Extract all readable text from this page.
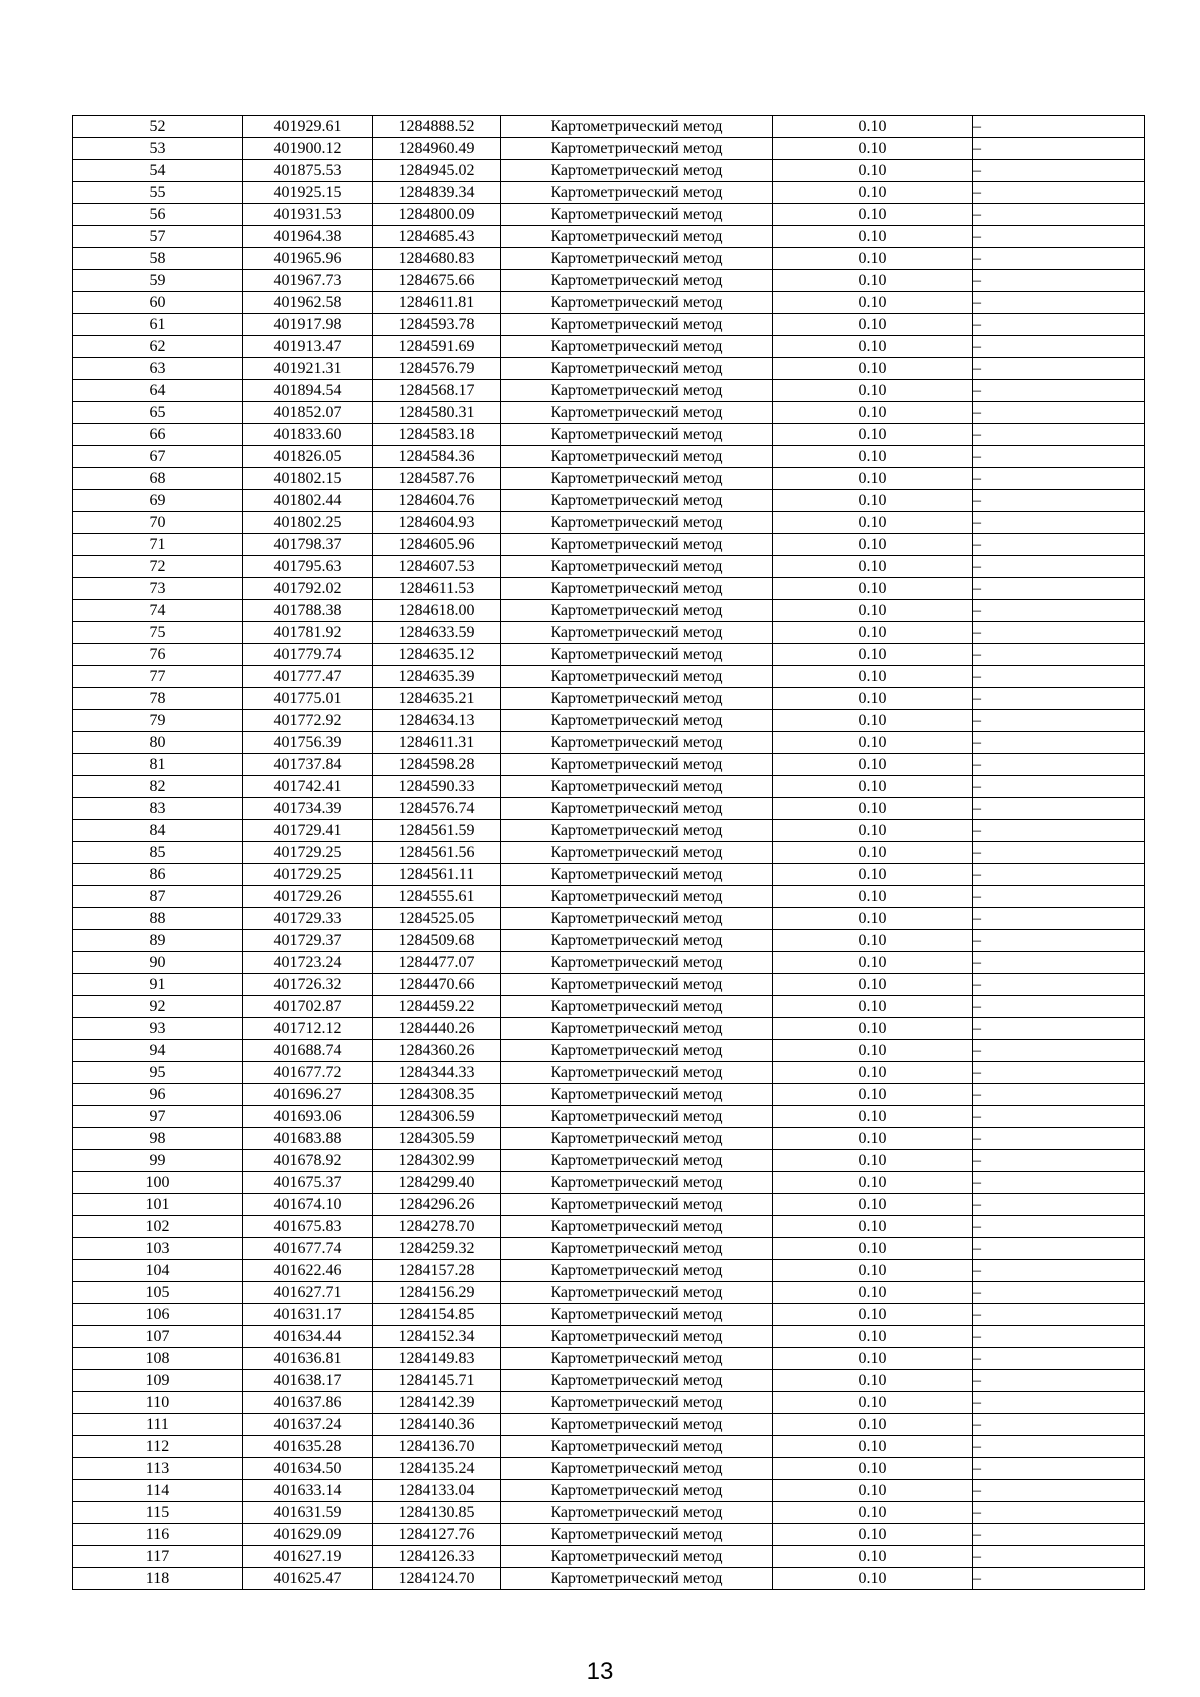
52	401929.61	1284888.52	Картометрический метод	0.10	–
53	401900.12	1284960.49	Картометрический метод	0.10	–
54	401875.53	1284945.02	Картометрический метод	0.10	–
55	401925.15	1284839.34	Картометрический метод	0.10	–
56	401931.53	1284800.09	Картометрический метод	0.10	–
57	401964.38	1284685.43	Картометрический метод	0.10	–
58	401965.96	1284680.83	Картометрический метод	0.10	–
59	401967.73	1284675.66	Картометрический метод	0.10	–
60	401962.58	1284611.81	Картометрический метод	0.10	–
61	401917.98	1284593.78	Картометрический метод	0.10	–
62	401913.47	1284591.69	Картометрический метод	0.10	–
63	401921.31	1284576.79	Картометрический метод	0.10	–
64	401894.54	1284568.17	Картометрический метод	0.10	–
65	401852.07	1284580.31	Картометрический метод	0.10	–
66	401833.60	1284583.18	Картометрический метод	0.10	–
67	401826.05	1284584.36	Картометрический метод	0.10	–
68	401802.15	1284587.76	Картометрический метод	0.10	–
69	401802.44	1284604.76	Картометрический метод	0.10	–
70	401802.25	1284604.93	Картометрический метод	0.10	–
71	401798.37	1284605.96	Картометрический метод	0.10	–
72	401795.63	1284607.53	Картометрический метод	0.10	–
73	401792.02	1284611.53	Картометрический метод	0.10	–
74	401788.38	1284618.00	Картометрический метод	0.10	–
75	401781.92	1284633.59	Картометрический метод	0.10	–
76	401779.74	1284635.12	Картометрический метод	0.10	–
77	401777.47	1284635.39	Картометрический метод	0.10	–
78	401775.01	1284635.21	Картометрический метод	0.10	–
79	401772.92	1284634.13	Картометрический метод	0.10	–
80	401756.39	1284611.31	Картометрический метод	0.10	–
81	401737.84	1284598.28	Картометрический метод	0.10	–
82	401742.41	1284590.33	Картометрический метод	0.10	–
83	401734.39	1284576.74	Картометрический метод	0.10	–
84	401729.41	1284561.59	Картометрический метод	0.10	–
85	401729.25	1284561.56	Картометрический метод	0.10	–
86	401729.25	1284561.11	Картометрический метод	0.10	–
87	401729.26	1284555.61	Картометрический метод	0.10	–
88	401729.33	1284525.05	Картометрический метод	0.10	–
89	401729.37	1284509.68	Картометрический метод	0.10	–
90	401723.24	1284477.07	Картометрический метод	0.10	–
91	401726.32	1284470.66	Картометрический метод	0.10	–
92	401702.87	1284459.22	Картометрический метод	0.10	–
93	401712.12	1284440.26	Картометрический метод	0.10	–
94	401688.74	1284360.26	Картометрический метод	0.10	–
95	401677.72	1284344.33	Картометрический метод	0.10	–
96	401696.27	1284308.35	Картометрический метод	0.10	–
97	401693.06	1284306.59	Картометрический метод	0.10	–
98	401683.88	1284305.59	Картометрический метод	0.10	–
99	401678.92	1284302.99	Картометрический метод	0.10	–
100	401675.37	1284299.40	Картометрический метод	0.10	–
101	401674.10	1284296.26	Картометрический метод	0.10	–
102	401675.83	1284278.70	Картометрический метод	0.10	–
103	401677.74	1284259.32	Картометрический метод	0.10	–
104	401622.46	1284157.28	Картометрический метод	0.10	–
105	401627.71	1284156.29	Картометрический метод	0.10	–
106	401631.17	1284154.85	Картометрический метод	0.10	–
107	401634.44	1284152.34	Картометрический метод	0.10	–
108	401636.81	1284149.83	Картометрический метод	0.10	–
109	401638.17	1284145.71	Картометрический метод	0.10	–
110	401637.86	1284142.39	Картометрический метод	0.10	–
111	401637.24	1284140.36	Картометрический метод	0.10	–
112	401635.28	1284136.70	Картометрический метод	0.10	–
113	401634.50	1284135.24	Картометрический метод	0.10	–
114	401633.14	1284133.04	Картометрический метод	0.10	–
115	401631.59	1284130.85	Картометрический метод	0.10	–
116	401629.09	1284127.76	Картометрический метод	0.10	–
117	401627.19	1284126.33	Картометрический метод	0.10	–
118	401625.47	1284124.70	Картометрический метод	0.10	–
13
